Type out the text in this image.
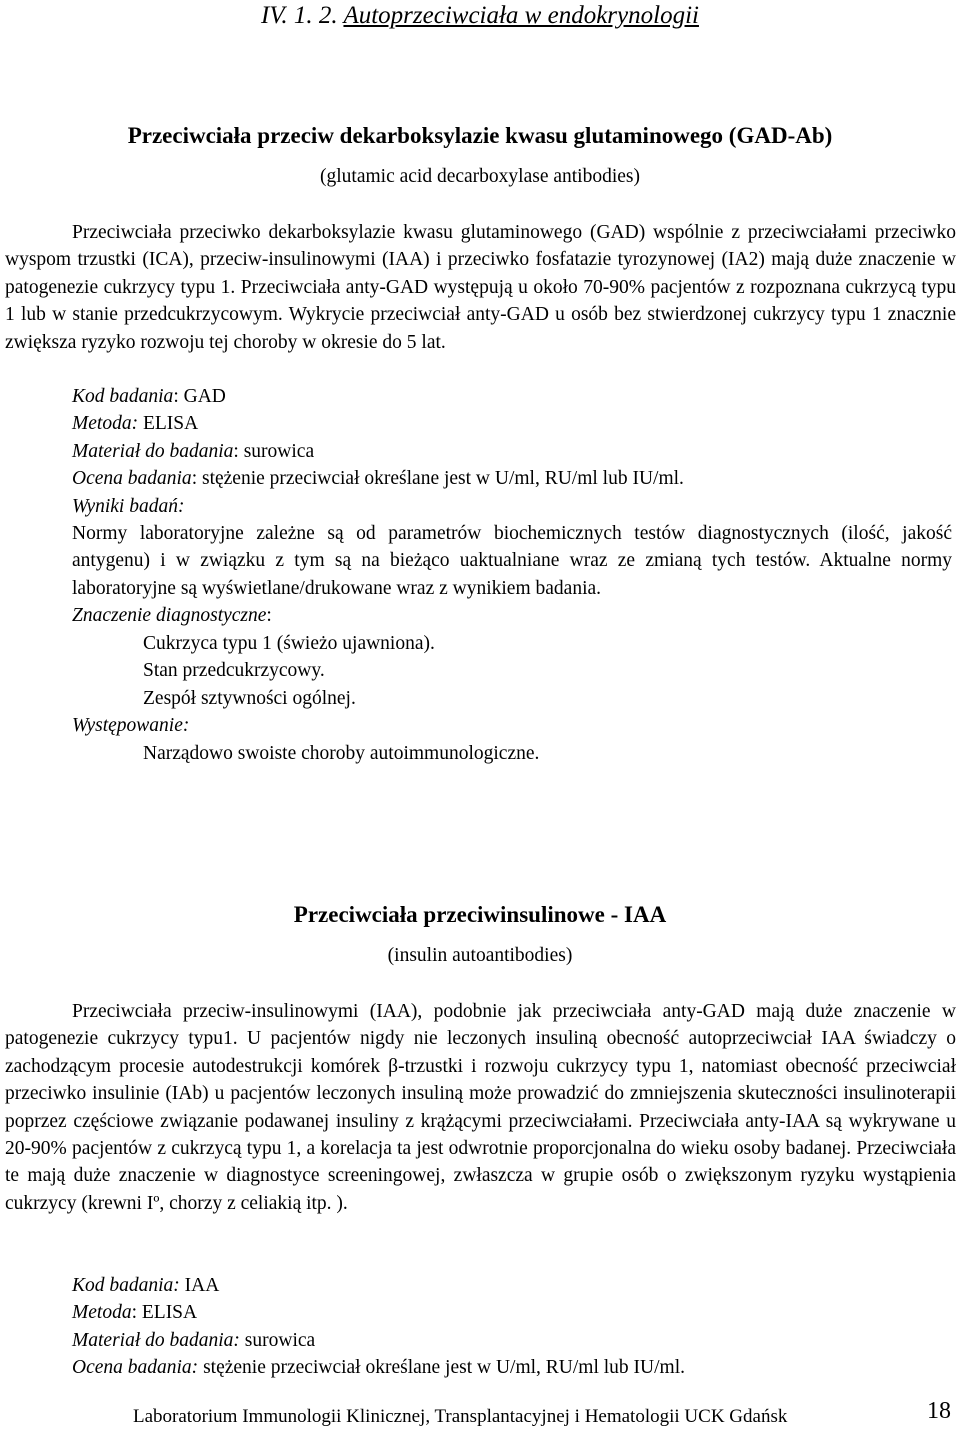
IV. 1. 2. Autoprzeciwciała w endokrynologii
Przeciwciała przeciw dekarboksylazie kwasu glutaminowego (GAD-Ab)
(glutamic acid decarboxylase antibodies)
Przeciwciała przeciwko dekarboksylazie kwasu glutaminowego (GAD) wspólnie z przeciwciałami przeciwko wyspom trzustki (ICA), przeciw-insulinowymi (IAA) i przeciwko fosfatazie tyrozynowej (IA2) mają duże znaczenie w patogenezie cukrzycy typu 1. Przeciwciała anty-GAD występują u około 70-90% pacjentów z rozpoznana cukrzycą typu 1 lub w stanie przedcukrzycowym. Wykrycie przeciwciał anty-GAD u osób bez stwierdzonej cukrzycy typu 1 znacznie zwiększa ryzyko rozwoju tej choroby w okresie do 5 lat.
Kod badania: GAD
Metoda: ELISA
Materiał do badania: surowica
Ocena badania: stężenie przeciwciał określane jest w U/ml, RU/ml lub IU/ml.
Wyniki badań:
Normy laboratoryjne zależne są od parametrów biochemicznych testów diagnostycznych (ilość, jakość antygenu) i w związku z tym są na bieżąco uaktualniane wraz ze zmianą tych testów. Aktualne normy laboratoryjne są wyświetlane/drukowane wraz z wynikiem badania.
Znaczenie diagnostyczne:
Cukrzyca typu 1 (świeżo ujawniona).
Stan przedcukrzycowy.
Zespół sztywności ogólnej.
Występowanie:
Narządowo swoiste choroby autoimmunologiczne.
Przeciwciała przeciwinsulinowe - IAA
(insulin autoantibodies)
Przeciwciała przeciw-insulinowymi (IAA), podobnie jak przeciwciała anty-GAD mają duże znaczenie w patogenezie cukrzycy typu1. U pacjentów nigdy nie leczonych insuliną obecność autoprzeciwciał IAA świadczy o zachodzącym procesie autodestrukcji komórek β-trzustki i rozwoju cukrzycy typu 1, natomiast obecność przeciwciał przeciwko insulinie (IAb) u pacjentów leczonych insuliną może prowadzić do zmniejszenia skuteczności insulinoterapii poprzez częściowe związanie podawanej insuliny z krążącymi przeciwciałami. Przeciwciała anty-IAA są wykrywane u 20-90% pacjentów z cukrzycą typu 1, a korelacja ta jest odwrotnie proporcjonalna do wieku osoby badanej. Przeciwciała te mają duże znaczenie w diagnostyce screeningowej, zwłaszcza w grupie osób o zwiększonym ryzyku wystąpienia cukrzycy (krewni Iº, chorzy z celiakią itp. ).
Kod badania: IAA
Metoda: ELISA
Materiał do badania: surowica
Ocena badania: stężenie przeciwciał określane jest w U/ml, RU/ml lub IU/ml.
Laboratorium Immunologii Klinicznej, Transplantacyjnej i Hematologii UCK Gdańsk	18
